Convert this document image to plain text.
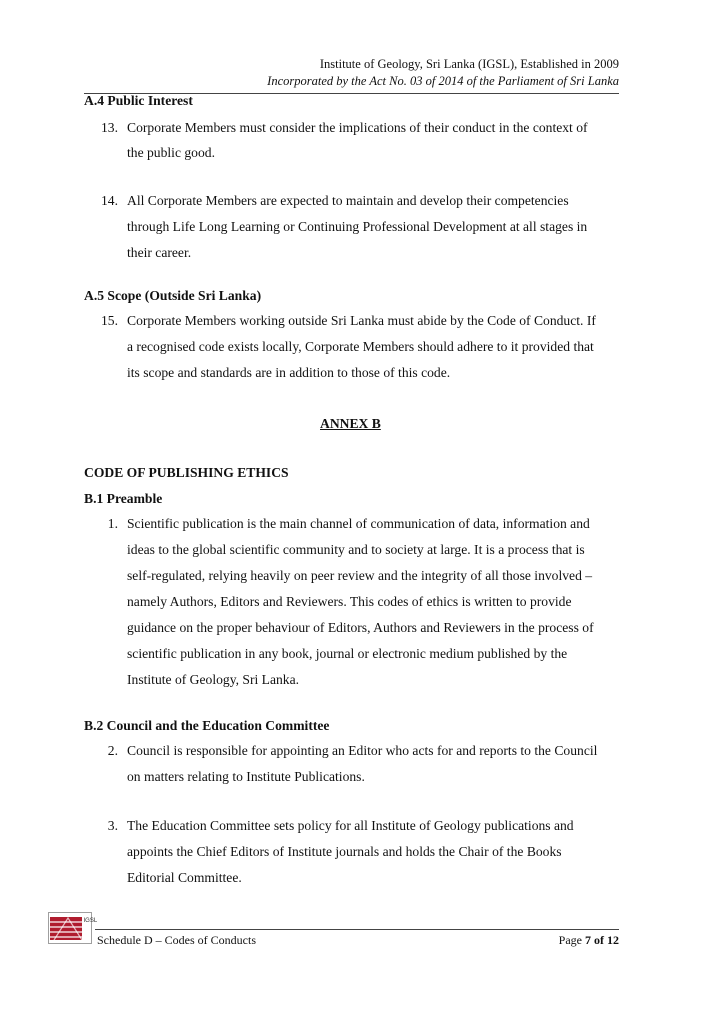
Institute of Geology, Sri Lanka (IGSL), Established in 2009
Incorporated by the Act No. 03 of 2014 of the Parliament of Sri Lanka
A.4 Public Interest
13. Corporate Members must consider the implications of their conduct in the context of
the public good.
14. All Corporate Members are expected to maintain and develop their competencies
through Life Long Learning or Continuing Professional Development at all stages in
their career.
A.5 Scope (Outside Sri Lanka)
15. Corporate Members working outside Sri Lanka must abide by the Code of Conduct. If
a recognised code exists locally, Corporate Members should adhere to it provided that
its scope and standards are in addition to those of this code.
ANNEX B
CODE OF PUBLISHING ETHICS
B.1 Preamble
1. Scientific publication is the main channel of communication of data, information and
ideas to the global scientific community and to society at large. It is a process that is
self-regulated, relying heavily on peer review and the integrity of all those involved –
namely Authors, Editors and Reviewers. This codes of ethics is written to provide
guidance on the proper behaviour of Editors, Authors and Reviewers in the process of
scientific publication in any book, journal or electronic medium published by the
Institute of Geology, Sri Lanka.
B.2 Council and the Education Committee
2. Council is responsible for appointing an Editor who acts for and reports to the Council
on matters relating to Institute Publications.
3. The Education Committee sets policy for all Institute of Geology publications and
appoints the Chief Editors of Institute journals and holds the Chair of the Books
Editorial Committee.
IGSL
Schedule D – Codes of Conducts	Page 7 of 12
